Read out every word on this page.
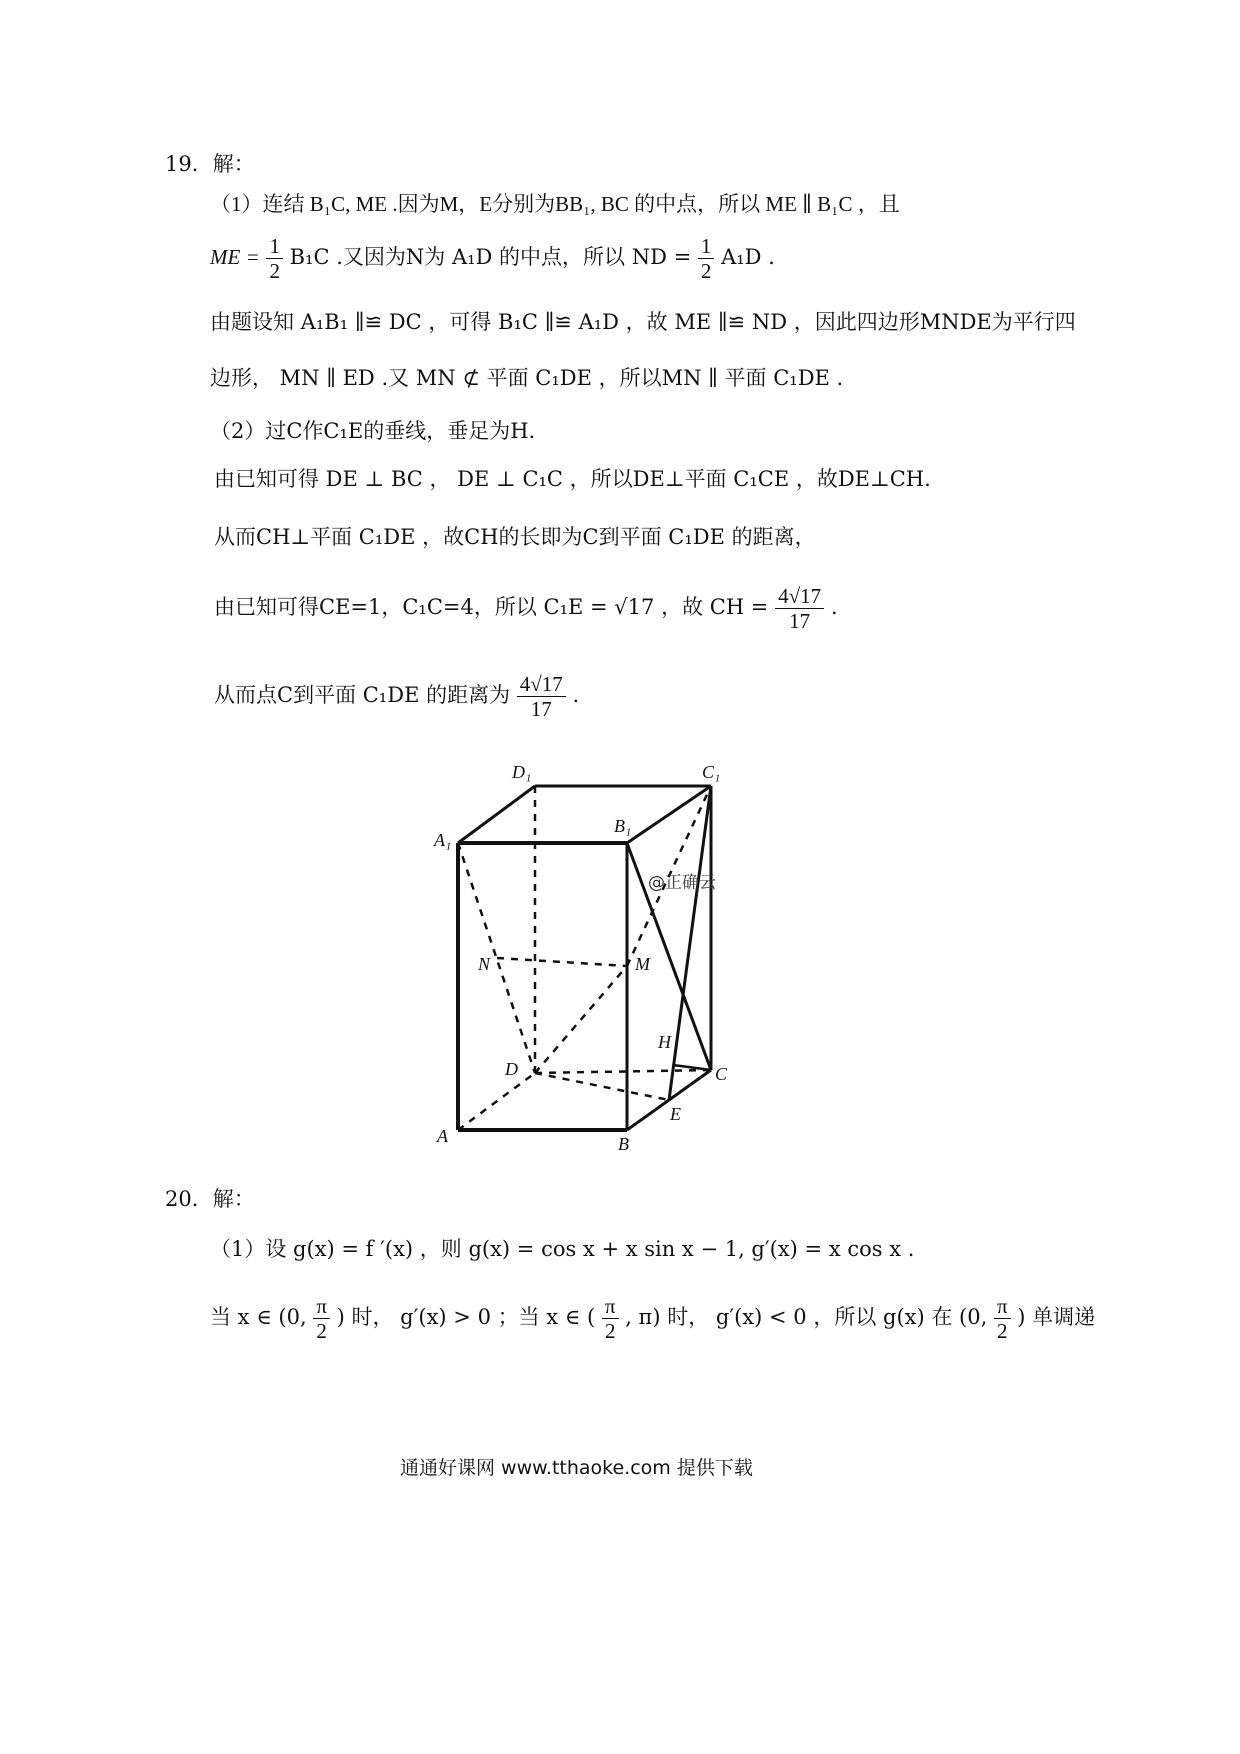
19．解：
（1）连结 B₁C, ME .因为M，E分别为BB₁, BC 的中点，所以 ME ∥ B₁C ，且
ME = $\frac{1}{2} B_1C$ .又因为N为 A₁D 的中点，所以 ND = $\frac{1}{2} A_1D$ .
由题设知 A₁B₁ ∥≌ DC ，可得 B₁C ∥≌ A₁D ，故 ME ∥≌ ND ，因此四边形MNDE为平行四
边形， MN ∥ ED .又 MN ⊄ 平面 C₁DE ，所以MN ∥ 平面 C₁DE .
（2）过C作C₁E的垂线，垂足为H.
由已知可得 DE ⊥ BC ， DE ⊥ C₁C ，所以DE⊥平面 C₁CE ，故DE⊥CH.
从而CH⊥平面 C₁DE ，故CH的长即为C到平面 C₁DE 的距离，
由已知可得CE=1，C₁C=4，所以 C₁E = √17 ，故 CH = $\frac{4√17}{17}$ .
从而点C到平面 C₁DE 的距离为 $\frac{4√17}{17}$ .
D₁	C₁
A₁
B₁
N	M
H
D	C
E
A	B
@正确云
20．解：
（1）设 g(x) = f ′(x) ，则 g(x) = cos x + x sin x − 1, g′(x) = x cos x .
当 x ∈ (0, $\frac{\pi}{2}$ ) 时， g′(x) > 0 ；当 x ∈ ( $\frac{\pi}{2}$ , π) 时， g′(x) < 0 ，所以 g(x) 在 (0, $\frac{\pi}{2}$ ) 单调递
通通好课网 www.tthaoke.com 提供下载
